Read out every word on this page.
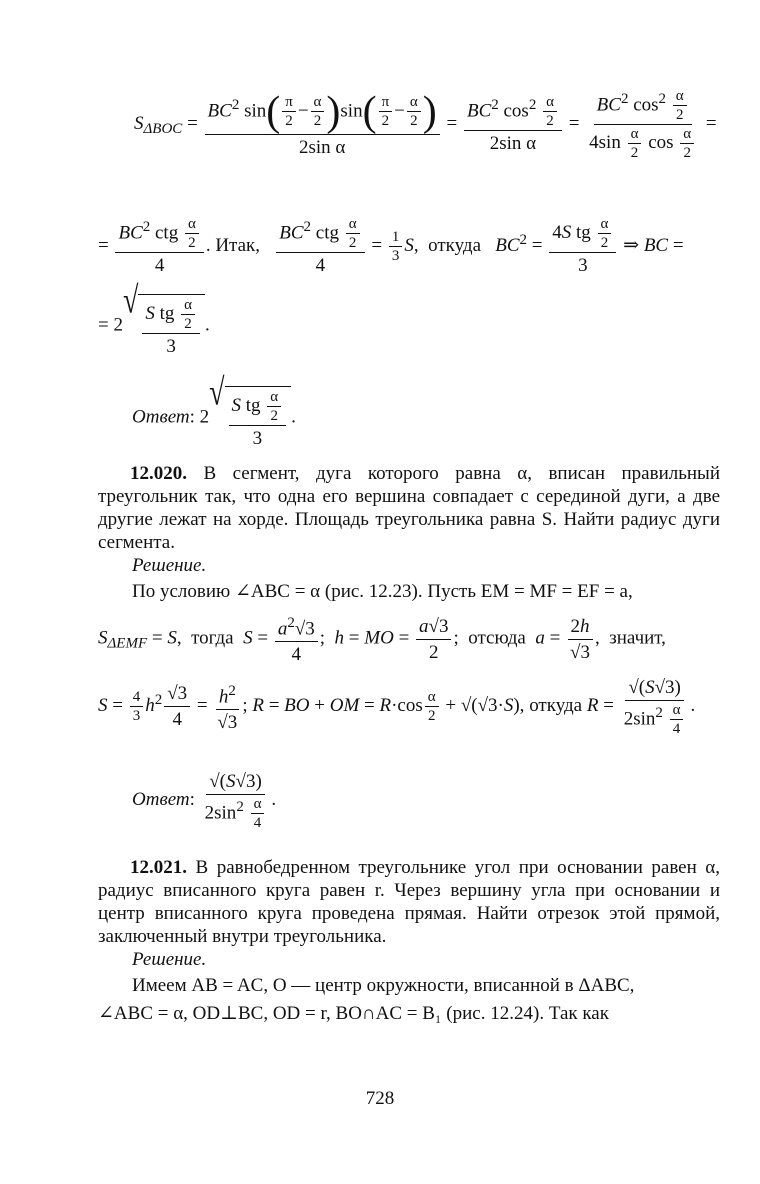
$S_{\Delta BOC} = \frac{BC^2 \sin( \frac{\pi}{2} - \frac{\alpha}{2} )\sin( \frac{\pi}{2} - \frac{\alpha}{2} )}{\text{2sin α}} = \frac{BC^2 \cos^2 \frac{\alpha}{2}}{\text{2sin α}} = \frac{BC^2 \cos^2 \frac{\alpha}{2}}{4\sin \frac{\alpha}{2} \cos \frac{\alpha}{2}}$ =
= $\frac{BC^2 ctg \frac{\alpha}{2}}{4}$ . Итак, $\frac{BC^2 ctg \frac{\alpha}{2}}{4} = \frac{1}{3} S$,  откуда $BC^2 = \frac{4S tg \frac{\alpha}{2}}{3}$ ⇒ BC =
= 2
√ $\frac{S tg \frac{\alpha}{2}}{3}$ .
Ответ: 2
√ $\frac{S tg \frac{\alpha}{2}}{3}$ .
12.020. В сегмент, дуга которого равна α, вписан правильный треугольник так, что одна его вершина совпадает с серединой дуги, а две другие лежат на хорде. Площадь треугольника равна S. Найти радиус дуги сегмента.
Решение.
По условию ∠ABC = α (рис. 12.23). Пусть EM = MF = EF = a,
$S_{\Delta EMF} = S$,  тогда $S = \frac{a^2√3}{4}$ ;  h = MO = $\frac{a√3}{2}$ ;  отсюда $a = \frac{2h}{√3}$ ,  значит,
$S = \frac{4}{3} h^2 \frac{√3}{4} = \frac{h^2}{√3}$ ; R = BO + OM = $R\cdot\cos \frac{\alpha}{2} + √(√3\cdot S)$, откуда $R = \frac{√(S√3)}{2\sin^2 \frac{\alpha}{4}}$ .
Ответ: $\frac{√(S√3)}{2\sin^2 \frac{\alpha}{4}}$ .
12.021. В равнобедренном треугольнике угол при основании равен α, радиус вписанного круга равен r. Через вершину угла при основании и центр вписанного круга проведена прямая. Найти отрезок этой прямой, заключенный внутри треугольника.
Решение.
Имеем AB = AC, O — центр окружности, вписанной в ΔABC,
∠ABC = α, OD⊥BC, OD = r, BO∩AC = B₁ (рис. 12.24). Так как
728
